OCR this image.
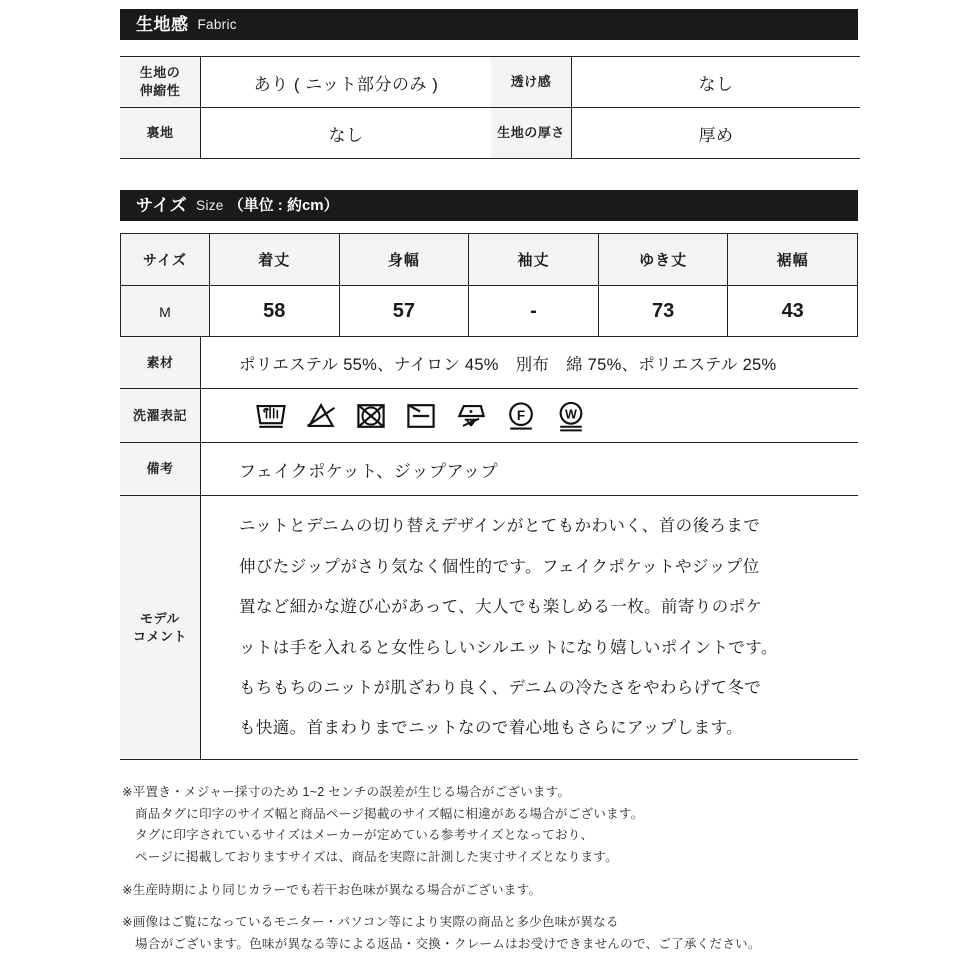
生地感 Fabric
生地の
伸縮性	あり ( ニット部分のみ )	透け感	なし
裏地	なし	生地の厚さ	厚め
サイズ Size （単位 : 約cm）
サイズ	着丈	身幅	袖丈	ゆき丈	裾幅
M	58	57	-	73	43
素材	ポリエステル 55%、ナイロン 45%　別布　綿 75%、ポリエステル 25%
洗濯表記	F W

備考	フェイクポケット、ジップアップ
モデル
コメント	
ニットとデニムの切り替えデザインがとてもかわいく、首の後ろまで
伸びたジップがさり気なく個性的です。フェイクポケットやジップ位
置など細かな遊び心があって、大人でも楽しめる一枚。前寄りのポケ
ットは手を入れると女性らしいシルエットになり嬉しいポイントです。
もちもちのニットが肌ざわり良く、デニムの冷たさをやわらげて冬で
も快適。首まわりまでニットなので着心地もさらにアップします。
※平置き・メジャー採寸のため 1~2 センチの誤差が生じる場合がございます。
商品タグに印字のサイズ幅と商品ページ掲載のサイズ幅に相違がある場合がございます。
タグに印字されているサイズはメーカーが定めている参考サイズとなっており、
ページに掲載しておりますサイズは、商品を実際に計測した実寸サイズとなります。
※生産時期により同じカラーでも若干お色味が異なる場合がございます。
※画像はご覧になっているモニター・パソコン等により実際の商品と多少色味が異なる
場合がございます。色味が異なる等による返品・交換・クレームはお受けできませんので、ご了承ください。
